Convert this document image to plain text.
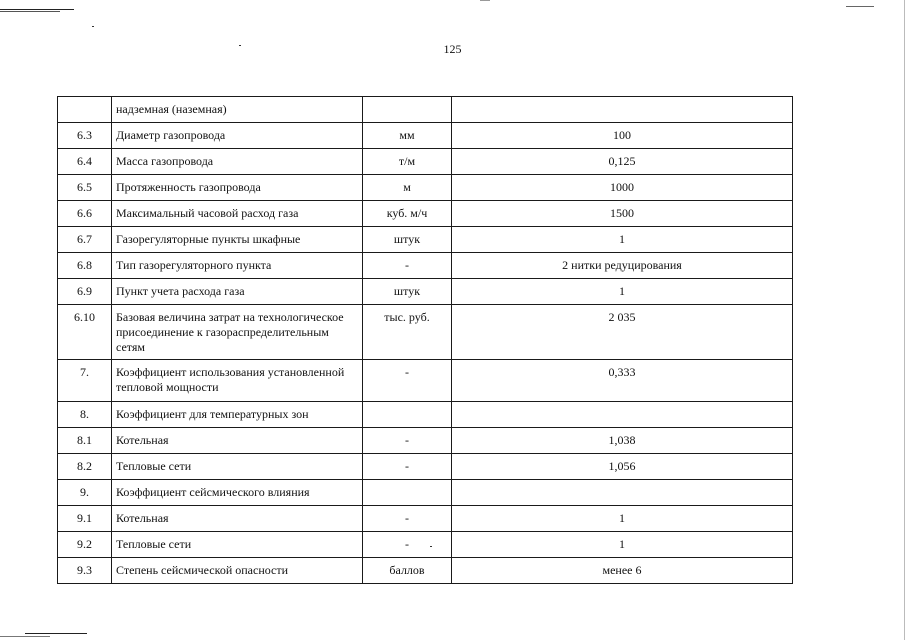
125
	надземная (наземная)		
6.3	Диаметр газопровода	мм	100
6.4	Масса газопровода	т/м	0,125
6.5	Протяженность газопровода	м	1000
6.6	Максимальный часовой расход газа	куб. м/ч	1500
6.7	Газорегуляторные пункты шкафные	штук	1
6.8	Тип газорегуляторного пункта	-	2 нитки редуцирования
6.9	Пункт учета расхода газа	штук	1
6.10	Базовая величина затрат на технологическое присоединение к газораспределительным сетям	тыс. руб.	2 035
7.	Коэффициент использования установленной тепловой мощности	-	0,333
8.	Коэффициент для температурных зон		
8.1	Котельная	-	1,038
8.2	Тепловые сети	-	1,056
9.	Коэффициент сейсмического влияния		
9.1	Котельная	-	1
9.2	Тепловые сети	-	1
9.3	Степень сейсмической опасности	баллов	менее 6
